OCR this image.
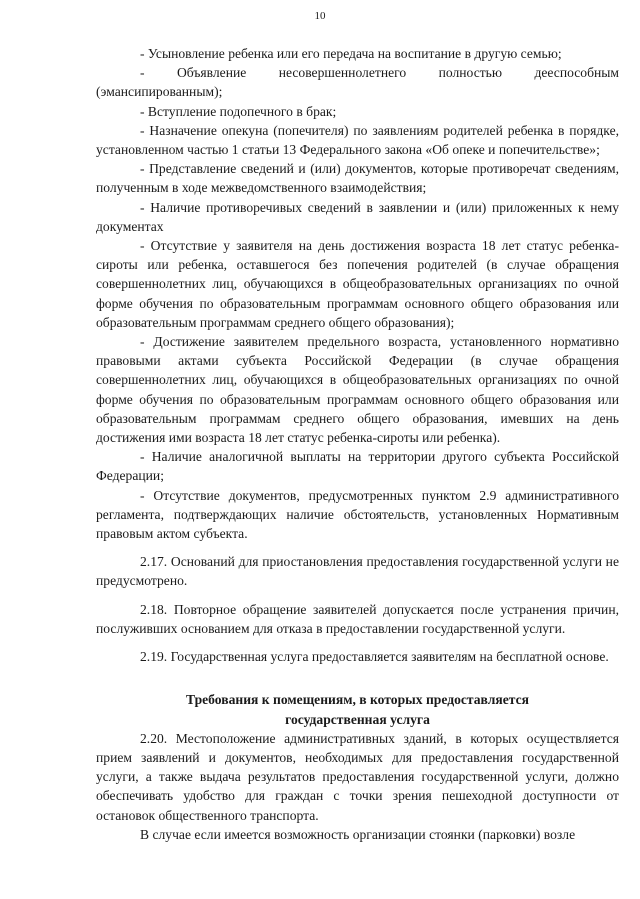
10

- Усыновление ребенка или его передача на воспитание в другую семью;

- Объявление несовершеннолетнего полностью дееспособным (эмансипированным);

- Вступление подопечного в брак;

- Назначение опекуна (попечителя) по заявлениям родителей ребенка в порядке, установленном частью 1 статьи 13 Федерального закона «Об опеке и попечительстве»;

- Представление сведений и (или) документов, которые противоречат сведениям, полученным в ходе межведомственного взаимодействия;

- Наличие противоречивых сведений в заявлении и (или) приложенных к нему документах

- Отсутствие у заявителя на день достижения возраста 18 лет статус ребенка-сироты или ребенка, оставшегося без попечения родителей (в случае обращения совершеннолетних лиц, обучающихся в общеобразовательных организациях по очной форме обучения по образовательным программам основного общего образования или образовательным программам среднего общего образования);

- Достижение заявителем предельного возраста, установленного нормативно правовыми актами субъекта Российской Федерации (в случае обращения совершеннолетних лиц, обучающихся в общеобразовательных организациях по очной форме обучения по образовательным программам основного общего образования или образовательным программам среднего общего образования, имевших на день достижения ими возраста 18 лет статус ребенка-сироты или ребенка).

- Наличие аналогичной выплаты на территории другого субъекта Российской Федерации;

- Отсутствие документов, предусмотренных пунктом 2.9 административного регламента, подтверждающих наличие обстоятельств, установленных Нормативным правовым актом субъекта.

2.17. Оснований для приостановления предоставления государственной услуги не предусмотрено.

2.18. Повторное обращение заявителей допускается после устранения причин, послуживших основанием для отказа в предоставлении государственной услуги.

2.19. Государственная услуга предоставляется заявителям на бесплатной основе.

Требования к помещениям, в которых предоставляется
государственная услуга

2.20. Местоположение административных зданий, в которых осуществляется прием заявлений и документов, необходимых для предоставления государственной услуги, а также выдача результатов предоставления государственной услуги, должно обеспечивать удобство для граждан с точки зрения пешеходной доступности от остановок общественного транспорта.

В случае если имеется возможность организации стоянки (парковки) возле
